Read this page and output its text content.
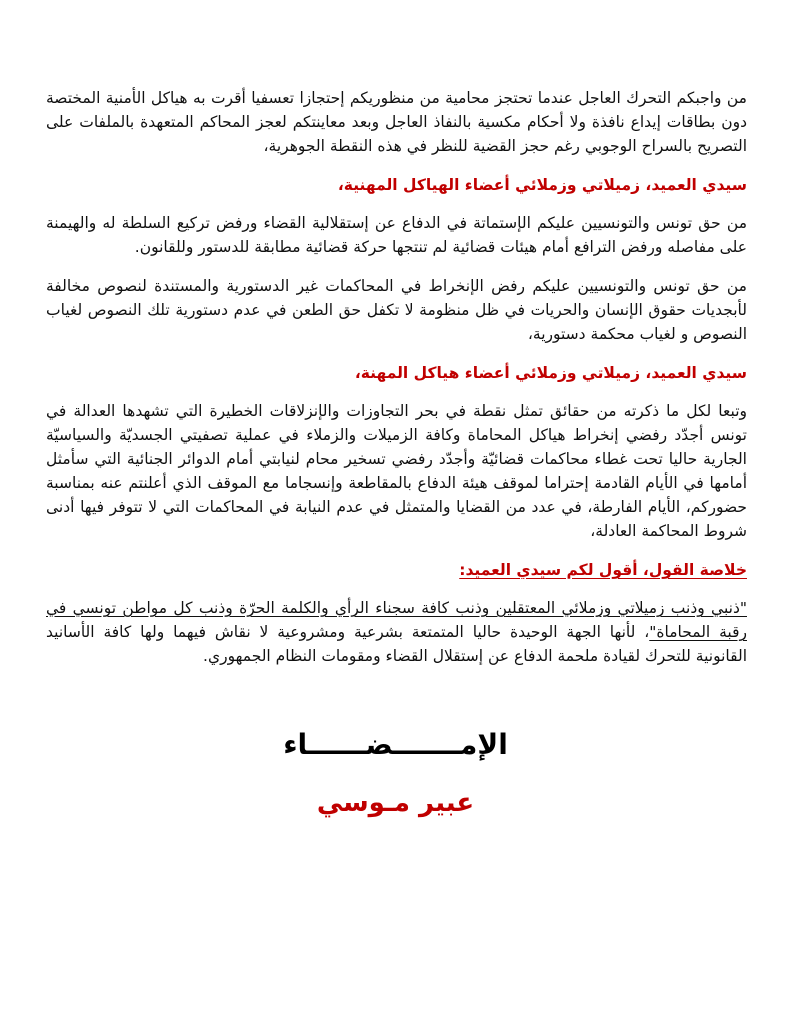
من واجبكم التحرك العاجل عندما تحتجز محامية من منظوريكم إحتجازا تعسفيا أقرت به هياكل الأمنية المختصة دون بطاقات إيداع نافذة ولا أحكام مكسية بالنفاذ العاجل وبعد معاينتكم لعجز المحاكم المتعهدة بالملفات على التصريح بالسراح الوجوبي رغم حجز القضية للنظر في هذه النقطة الجوهرية،

سيدي العميد، زميلاتي وزملائي أعضاء الهياكل المهنية،

من حق تونس والتونسيين عليكم الإستماتة في الدفاع عن إستقلالية القضاء ورفض تركيع السلطة له والهيمنة على مفاصله ورفض الترافع أمام هيئات قضائية لم تنتجها حركة قضائية مطابقة للدستور وللقانون.

من حق تونس والتونسيين عليكم رفض الإنخراط في المحاكمات غير الدستورية والمستندة لنصوص مخالفة لأبجديات حقوق الإنسان والحريات في ظل منظومة لا تكفل حق الطعن في عدم دستورية تلك النصوص لغياب النصوص و لغياب محكمة دستورية،

سيدي العميد، زميلاتي وزملائي أعضاء هياكل المهنة،

وتبعا لكل ما ذكرته من حقائق تمثل نقطة في بحر التجاوزات والإنزلاقات الخطيرة التي تشهدها العدالة في تونس أجدّد رفضي إنخراط هياكل المحاماة وكافة الزميلات والزملاء في عملية تصفيتي الجسديّة والسياسيّة الجارية حاليا تحت غطاء محاكمات قضائيّة وأجدّد رفضي تسخير محام لنيابتي أمام الدوائر الجنائية التي سأمثل أمامها في الأيام القادمة إحتراما لموقف هيئة الدفاع بالمقاطعة وإنسجاما مع الموقف الذي أعلنتم عنه بمناسبة حضوركم، الأيام الفارطة، في عدد من القضايا والمتمثل في عدم النيابة في المحاكمات التي لا تتوفر فيها أدنى شروط المحاكمة العادلة،

خلاصة القول، أقول لكم سيدي العميد:

"ذنبي وذنب زميلاتي وزملائي المعتقلين وذنب كافة سجناء الرأي والكلمة الحرّة وذنب كل مواطن تونسي في رقبة المحاماة"، لأنها الجهة الوحيدة حاليا المتمتعة بشرعية ومشروعية لا نقاش فيهما ولها كافة الأسانيد القانونية للتحرك لقيادة ملحمة الدفاع عن إستقلال القضاء ومقومات النظام الجمهوري.

الإمـــــــضــــــاء
عبير مـوسي
